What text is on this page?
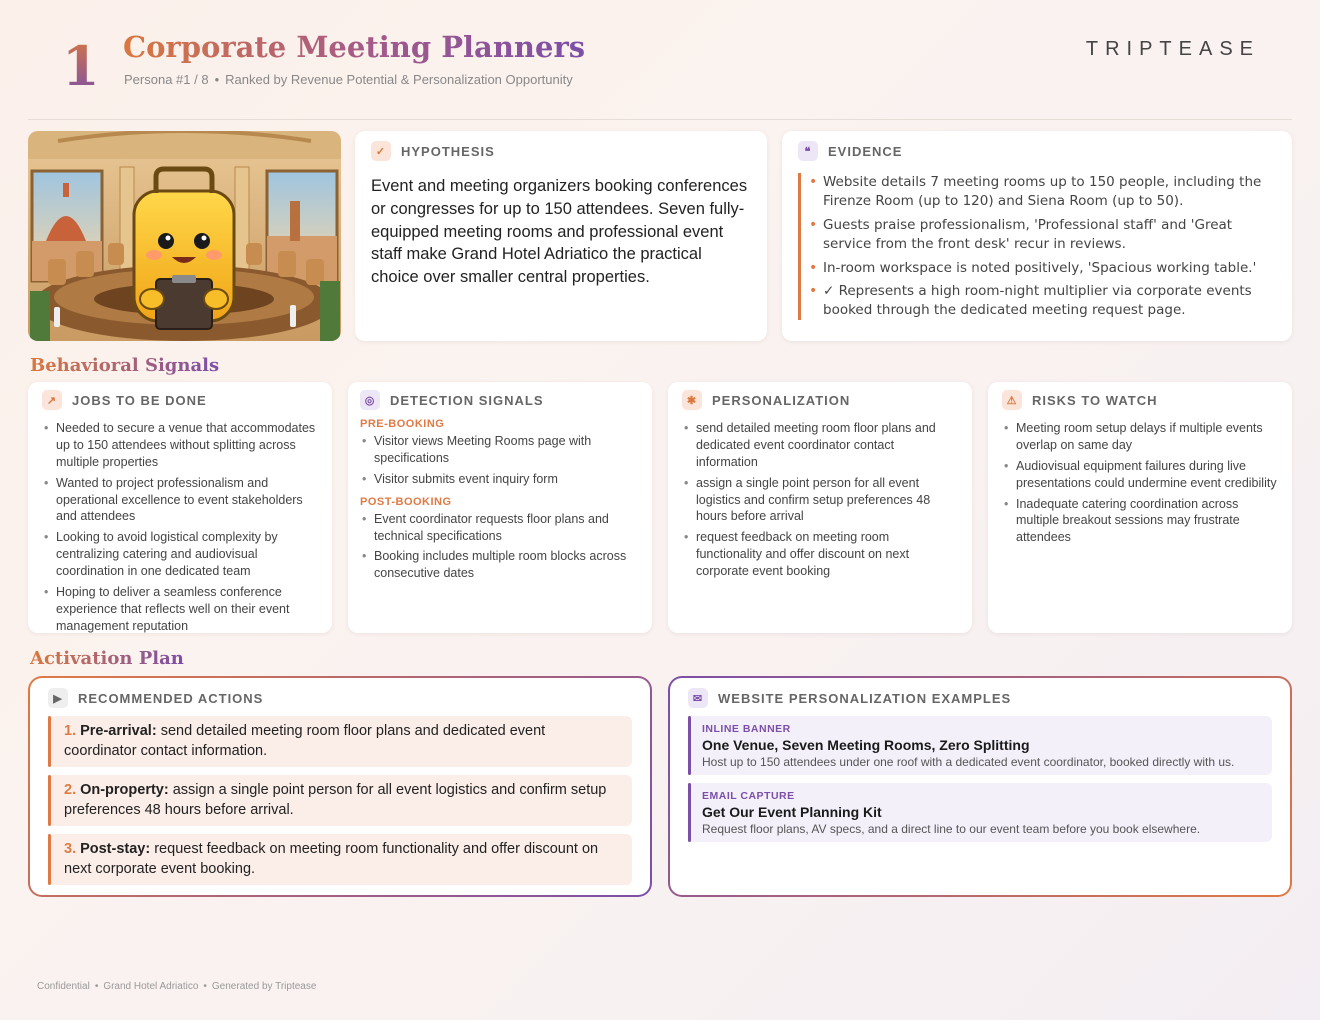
1 Corporate Meeting Planners
Persona #1 / 8 • Ranked by Revenue Potential & Personalization Opportunity
TRIPTEASE
✓	HYPOTHESIS
Event and meeting organizers booking conferences or congresses for up to 150 attendees. Seven fully-equipped meeting rooms and professional event staff make Grand Hotel Adriatico the practical choice over smaller central properties.
❝	EVIDENCE
• Website details 7 meeting rooms up to 150 people, including the Firenze Room (up to 120) and Siena Room (up to 50).
• Guests praise professionalism, 'Professional staff' and 'Great service from the front desk' recur in reviews.
• In-room workspace is noted positively, 'Spacious working table.'
• ✓ Represents a high room-night multiplier via corporate events booked through the dedicated meeting request page.
Behavioral Signals
↗	JOBS TO BE DONE
• Needed to secure a venue that accommodates up to 150 attendees without splitting across multiple properties
• Wanted to project professionalism and operational excellence to event stakeholders and attendees
• Looking to avoid logistical complexity by centralizing catering and audiovisual coordination in one dedicated team
• Hoping to deliver a seamless conference experience that reflects well on their event management reputation
◎	DETECTION SIGNALS
PRE-BOOKING
• Visitor views Meeting Rooms page with specifications
• Visitor submits event inquiry form
POST-BOOKING
• Event coordinator requests floor plans and technical specifications
• Booking includes multiple room blocks across consecutive dates
✱	PERSONALIZATION
• send detailed meeting room floor plans and dedicated event coordinator contact information
• assign a single point person for all event logistics and confirm setup preferences 48 hours before arrival
• request feedback on meeting room functionality and offer discount on next corporate event booking
⚠	RISKS TO WATCH
• Meeting room setup delays if multiple events overlap on same day
• Audiovisual equipment failures during live presentations could undermine event credibility
• Inadequate catering coordination across multiple breakout sessions may frustrate attendees
Activation Plan
▶	RECOMMENDED ACTIONS
1. Pre-arrival: send detailed meeting room floor plans and dedicated event coordinator contact information.
2. On-property: assign a single point person for all event logistics and confirm setup preferences 48 hours before arrival.
3. Post-stay: request feedback on meeting room functionality and offer discount on next corporate event booking.
✉	WEBSITE PERSONALIZATION EXAMPLES
INLINE BANNER
One Venue, Seven Meeting Rooms, Zero Splitting
Host up to 150 attendees under one roof with a dedicated event coordinator, booked directly with us.
EMAIL CAPTURE
Get Our Event Planning Kit
Request floor plans, AV specs, and a direct line to our event team before you book elsewhere.
Confidential • Grand Hotel Adriatico • Generated by Triptease
